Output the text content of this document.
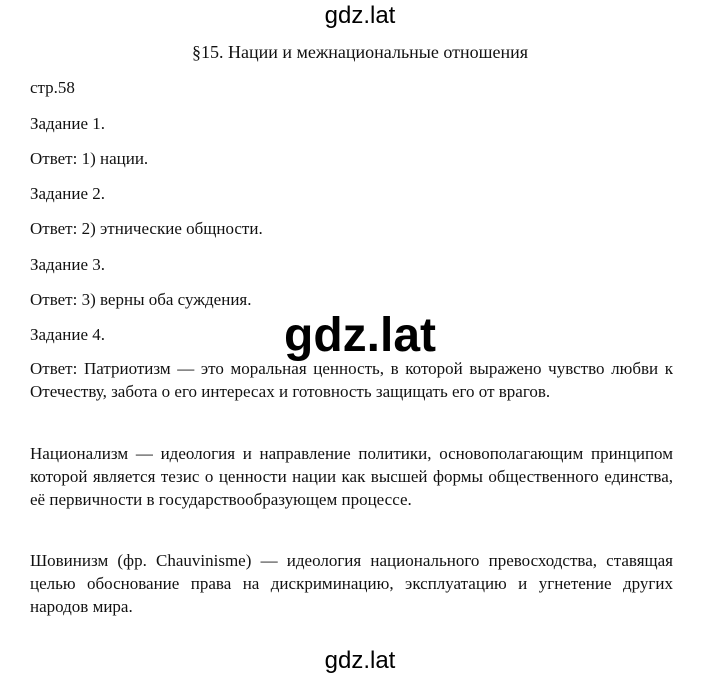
gdz.lat
§15. Нации и межнациональные отношения
стр.58
Задание 1.
Ответ: 1) нации.
Задание 2.
Ответ: 2) этнические общности.
Задание 3.
Ответ: 3) верны оба суждения.
Задание 4.
Ответ: Патриотизм — это моральная ценность, в которой выражено чувство любви к Отечеству, забота о его интересах и готовность защищать его от врагов.
Национализм — идеология и направление политики, основополагающим принципом которой является тезис о ценности нации как высшей формы общественного единства, её первичности в государствообразующем процессе.
Шовинизм (фр. Chauvinisme) — идеология национального превосходства, ставящая целью обоснование права на дискриминацию, эксплуатацию и угнетение других народов мира.
gdz.lat
gdz.lat
